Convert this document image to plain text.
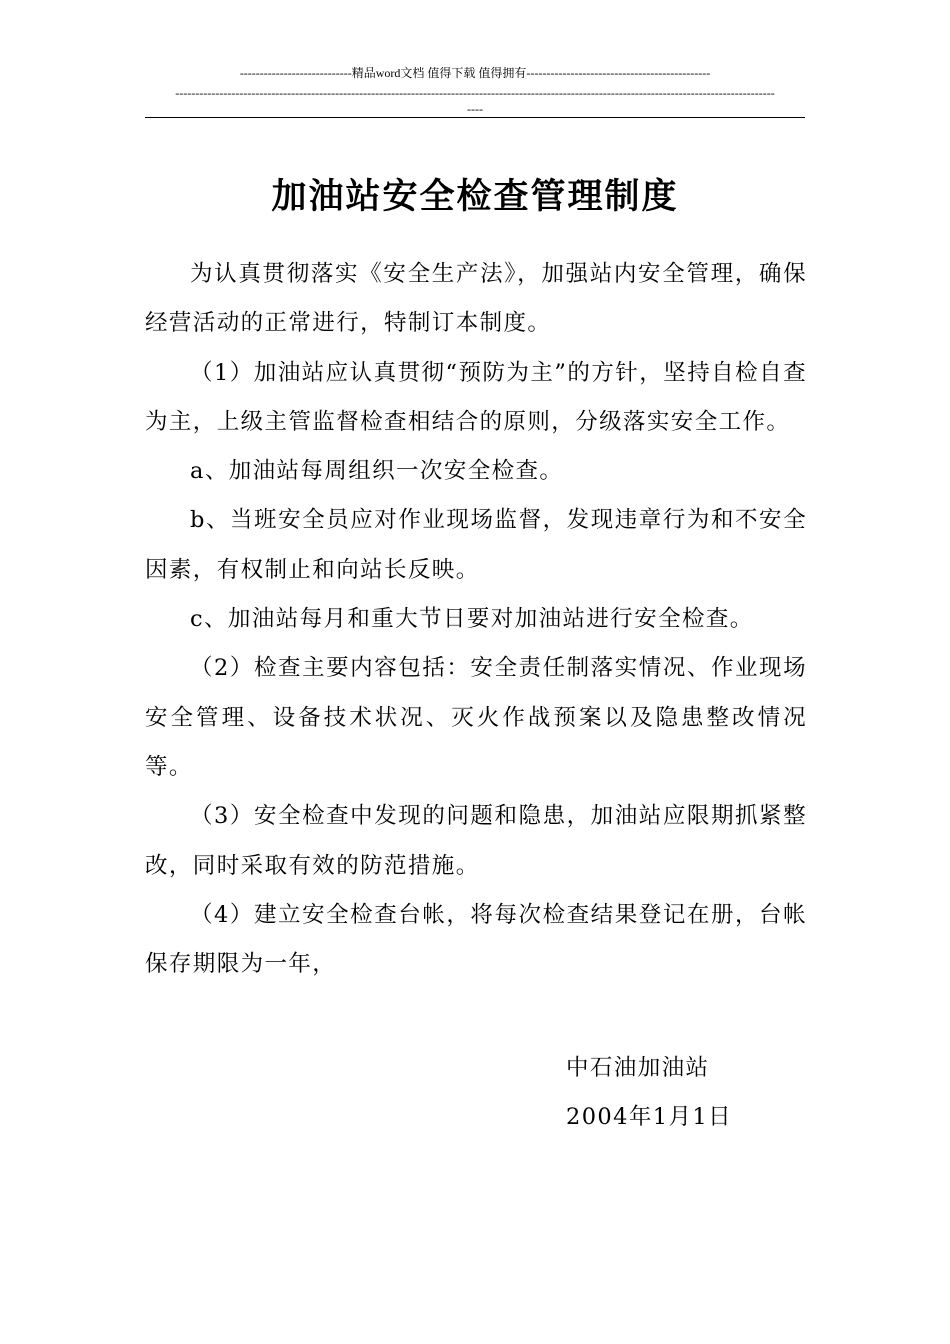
----------------------------精品word文档 值得下载 值得拥有----------------------------------------------
------------------------------------------------------------------------------------------------------------------------------------------------------
----
加油站安全检查管理制度

为认真贯彻落实《安全生产法》，加强站内安全管理，确保经营活动的正常进行，特制订本制度。

（1）加油站应认真贯彻“预防为主”的方针，坚持自检自查为主，上级主管监督检查相结合的原则，分级落实安全工作。

a、加油站每周组织一次安全检查。

b、当班安全员应对作业现场监督，发现违章行为和不安全因素，有权制止和向站长反映。

c、加油站每月和重大节日要对加油站进行安全检查。

（2）检查主要内容包括：安全责任制落实情况、作业现场安全管理、设备技术状况、灭火作战预案以及隐患整改情况等。

（3）安全检查中发现的问题和隐患，加油站应限期抓紧整改，同时采取有效的防范措施。

（4）建立安全检查台帐，将每次检查结果登记在册，台帐保存期限为一年，

中石油加油站
2004年1月1日
